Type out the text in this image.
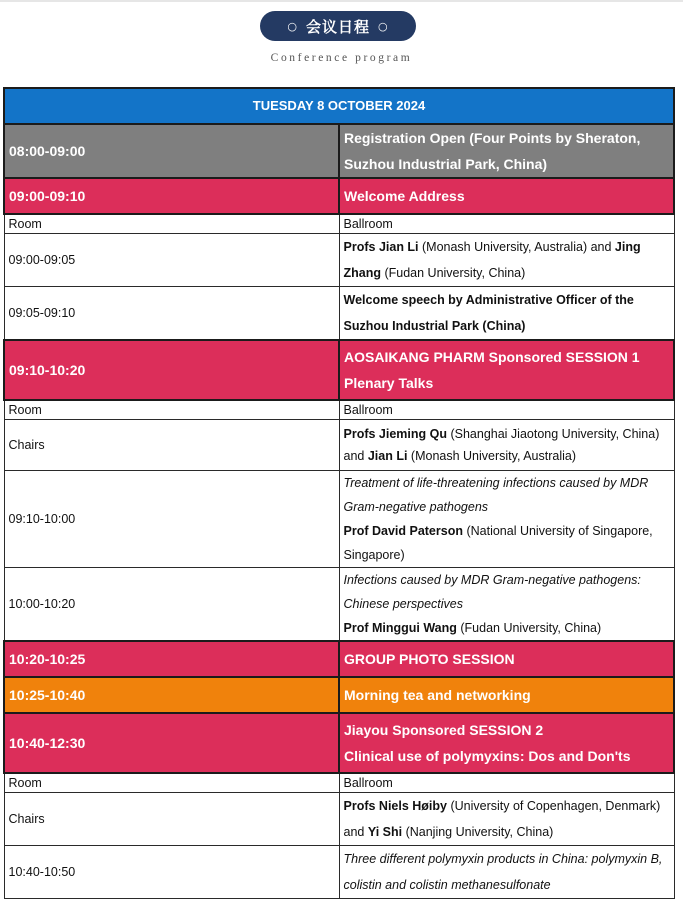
○ 会议日程 ○
Conference program
TUESDAY 8 OCTOBER 2024	
08:00-09:00	Registration Open (Four Points by Sheraton, Suzhou Industrial Park, China)
09:00-09:10	Welcome Address
Room	Ballroom
09:00-09:05	Profs Jian Li (Monash University, Australia) and Jing Zhang (Fudan University, China)
09:05-09:10	Welcome speech by Administrative Officer of the Suzhou Industrial Park (China)
09:10-10:20	AOSAIKANG PHARM Sponsored SESSION 1
Plenary Talks

Room	Ballroom
Chairs	Profs Jieming Qu (Shanghai Jiaotong University, China) and Jian Li (Monash University, Australia)
09:10-10:00	Treatment of life-threatening infections caused by MDR Gram-negative pathogens
Prof David Paterson (National University of Singapore, Singapore)

10:00-10:20	Infections caused by MDR Gram-negative pathogens: Chinese perspectives
Prof Minggui Wang (Fudan University, China)

10:20-10:25	GROUP PHOTO SESSION
10:25-10:40	Morning tea and networking
10:40-12:30	Jiayou Sponsored SESSION 2
Clinical use of polymyxins: Dos and Don'ts

Room	Ballroom
Chairs	Profs Niels Høiby (University of Copenhagen, Denmark) and Yi Shi (Nanjing University, China)
10:40-10:50	Three different polymyxin products in China: polymyxin B, colistin and colistin methanesulfonate
